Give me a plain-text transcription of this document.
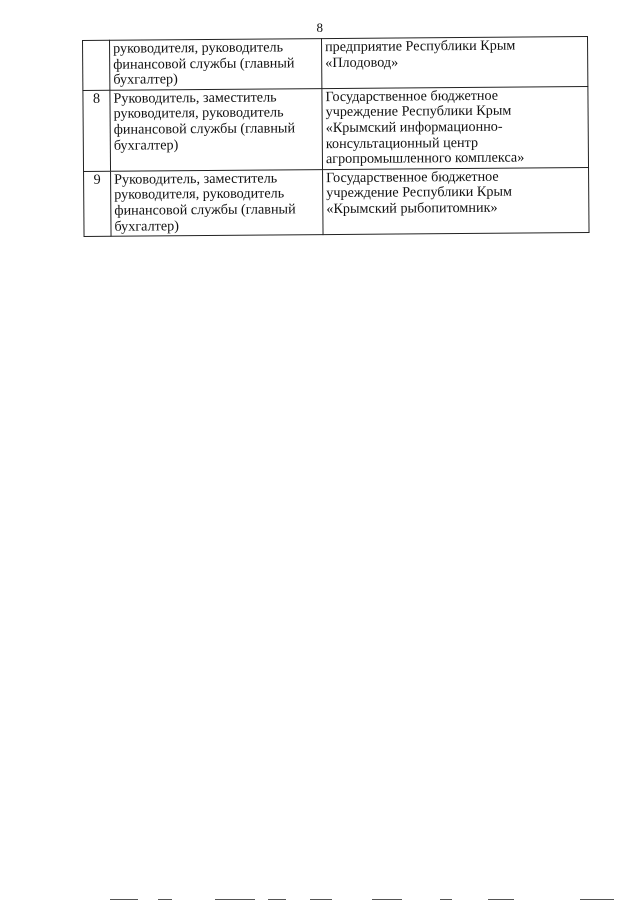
8
	руководителя, руководитель
финансовой службы (главный
бухгалтер)	предприятие Республики Крым
«Плодовод»
8	Руководитель, заместитель
руководителя, руководитель
финансовой службы (главный
бухгалтер)	Государственное бюджетное
учреждение Республики Крым
«Крымский информационно-
консультационный центр
агропромышленного комплекса»
9	Руководитель, заместитель
руководителя, руководитель
финансовой службы (главный
бухгалтер)	Государственное бюджетное
учреждение Республики Крым
«Крымский рыбопитомник»
